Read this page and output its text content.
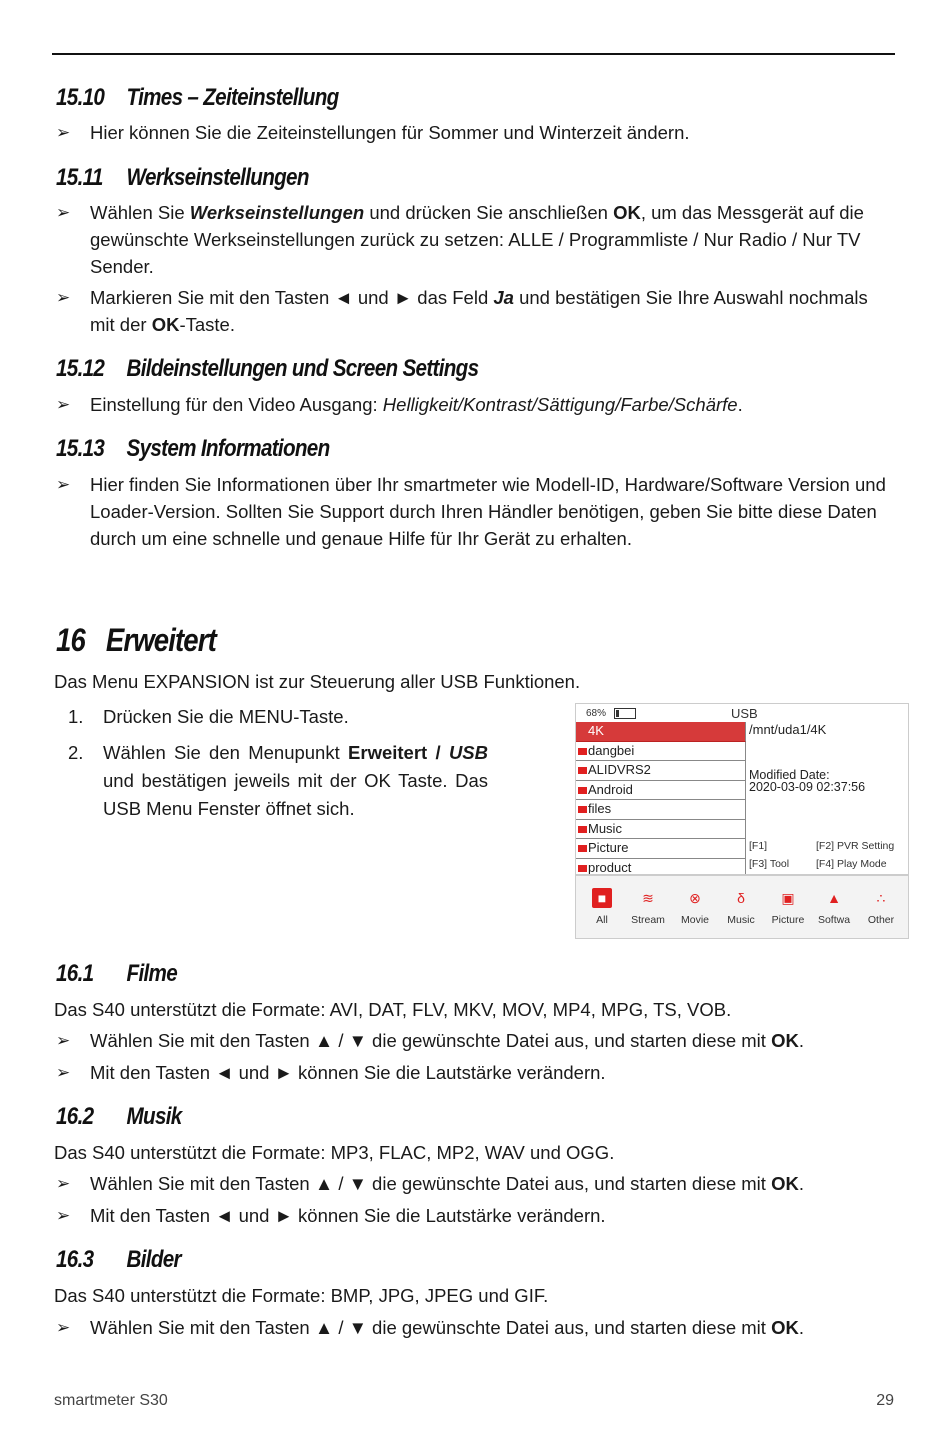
15.10 Times – Zeiteinstellung
➢ Hier können Sie die Zeiteinstellungen für Sommer und Winterzeit ändern.
15.11 Werkseinstellungen
➢ Wählen Sie Werkseinstellungen und drücken Sie anschließen OK, um das Messgerät auf die gewünschte Werkseinstellungen zurück zu setzen: ALLE / Programmliste / Nur Radio / Nur TV Sender.
➢ Markieren Sie mit den Tasten ◄ und ► das Feld Ja und bestätigen Sie Ihre Auswahl nochmals mit der OK-Taste.
15.12 Bildeinstellungen und Screen Settings
➢ Einstellung für den Video Ausgang: Helligkeit/Kontrast/Sättigung/Farbe/Schärfe.
15.13 System Informationen
➢ Hier finden Sie Informationen über Ihr smartmeter wie Modell-ID, Hardware/Software Version und Loader-Version. Sollten Sie Support durch Ihren Händler benötigen, geben Sie bitte diese Daten durch um eine schnelle und genaue Hilfe für Ihr Gerät zu erhalten.
16 Erweitert
Das Menu EXPANSION ist zur Steuerung aller USB Funktionen.
1. Drücken Sie die MENU-Taste.
2. Wählen Sie den Menupunkt Erweitert / USB und bestätigen jeweils mit der OK Taste. Das USB Menu Fenster öffnet sich.
68%	USB
4K
dangbei
ALIDVRS2
Android
files
Music
Picture
product
/mnt/uda1/4K
Modified Date:
2020-03-09 02:37:56
[F1]	[F2] PVR Setting
[F3] Tool	[F4] Play Mode
■
All
≋
Stream
⊗
Movie
δ
Music
▣
Picture
▲
Softwa
∴
Other
16.1 Filme
Das S40 unterstützt die Formate: AVI, DAT, FLV, MKV, MOV, MP4, MPG, TS, VOB.
➢ Wählen Sie mit den Tasten ▲ / ▼ die gewünschte Datei aus, und starten diese mit OK.
➢ Mit den Tasten ◄ und ► können Sie die Lautstärke verändern.
16.2 Musik
Das S40 unterstützt die Formate: MP3, FLAC, MP2, WAV und OGG.
➢ Wählen Sie mit den Tasten ▲ / ▼ die gewünschte Datei aus, und starten diese mit OK.
➢ Mit den Tasten ◄ und ► können Sie die Lautstärke verändern.
16.3 Bilder
Das S40 unterstützt die Formate: BMP, JPG, JPEG und GIF.
➢ Wählen Sie mit den Tasten ▲ / ▼ die gewünschte Datei aus, und starten diese mit OK.
smartmeter S30	29
